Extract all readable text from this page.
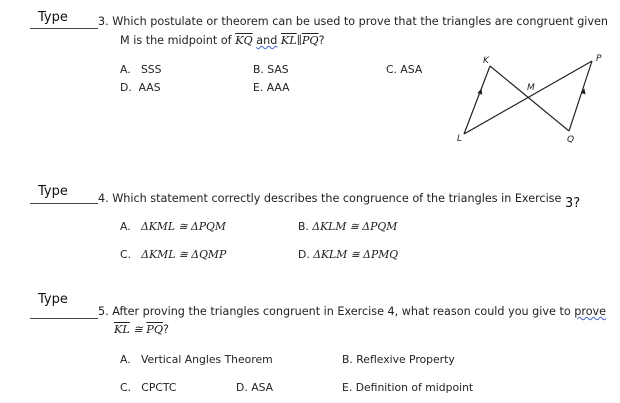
Type	3. Which postulate or theorem can be used to prove that the triangles are congruent given
M is the midpoint of $\overline{KQ}$ and $\overline{KL}\parallel\overline{PQ}$?
A. SSS	B. SAS	C. ASA
D. AAS	E. AAA
K	P
M
L	Q
Type	4. Which statement correctly describes the congruence of the triangles in Exercise 3?
A. ΔKML ≅ ΔPQM	B. ΔKLM ≅ ΔPQM
C. ΔKML ≅ ΔQMP	D. ΔKLM ≅ ΔPMQ
Type
5. After proving the triangles congruent in Exercise 4, what reason could you give to prove
$\overline{KL}$ ≅ $\overline{PQ}$?
A. Vertical Angles Theorem	B. Reflexive Property
C. CPCTC	D. ASA	E. Definition of midpoint
